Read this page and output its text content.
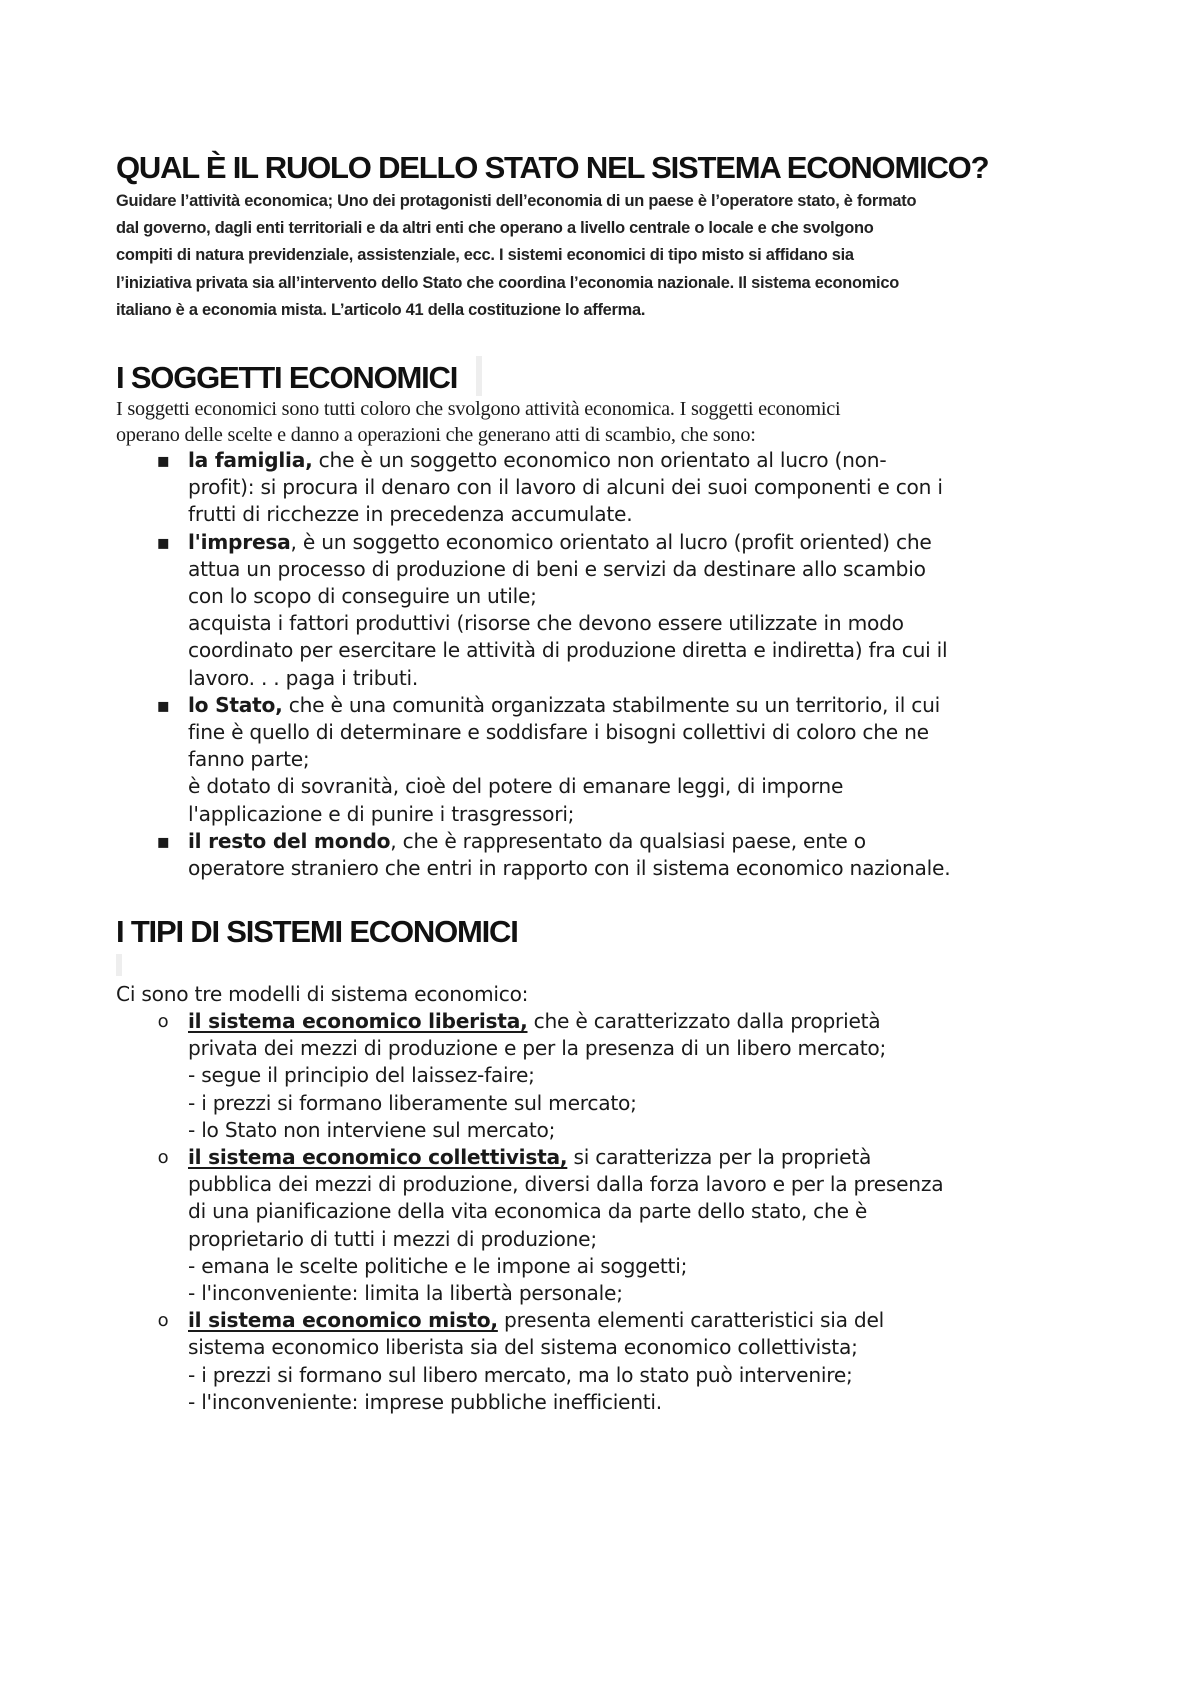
QUAL È IL RUOLO DELLO STATO NEL SISTEMA ECONOMICO?
Guidare l’attività economica; Uno dei protagonisti dell’economia di un paese è l’operatore stato, è formato
dal governo, dagli enti territoriali e da altri enti che operano a livello centrale o locale e che svolgono
compiti di natura previdenziale, assistenziale, ecc. I sistemi economici di tipo misto si affidano sia
l’iniziativa privata sia all’intervento dello Stato che coordina l’economia nazionale. Il sistema economico
italiano è a economia mista. L’articolo 41 della costituzione lo afferma.
I SOGGETTI ECONOMICI
I soggetti economici sono tutti coloro che svolgono attività economica. I soggetti economici
operano delle scelte e danno a operazioni che generano atti di scambio, che sono:
▪
la famiglia, che è un soggetto economico non orientato al lucro (non-
profit): si procura il denaro con il lavoro di alcuni dei suoi componenti e con i
frutti di ricchezze in precedenza accumulate.
▪
l'impresa, è un soggetto economico orientato al lucro (profit oriented) che
attua un processo di produzione di beni e servizi da destinare allo scambio
con lo scopo di conseguire un utile;
acquista i fattori produttivi (risorse che devono essere utilizzate in modo
coordinato per esercitare le attività di produzione diretta e indiretta) fra cui il
lavoro. . . paga i tributi.
▪
lo Stato, che è una comunità organizzata stabilmente su un territorio, il cui
fine è quello di determinare e soddisfare i bisogni collettivi di coloro che ne
fanno parte;
è dotato di sovranità, cioè del potere di emanare leggi, di imporne
l'applicazione e di punire i trasgressori;
▪
il resto del mondo, che è rappresentato da qualsiasi paese, ente o
operatore straniero che entri in rapporto con il sistema economico nazionale.
I TIPI DI SISTEMI ECONOMICI

Ci sono tre modelli di sistema economico:

o il sistema economico liberista, che è caratterizzato dalla proprietà
privata dei mezzi di produzione e per la presenza di un libero mercato;
- segue il principio del laissez-faire;
- i prezzi si formano liberamente sul mercato;
- lo Stato non interviene sul mercato;
o il sistema economico collettivista, si caratterizza per la proprietà
pubblica dei mezzi di produzione, diversi dalla forza lavoro e per la presenza
di una pianificazione della vita economica da parte dello stato, che è
proprietario di tutti i mezzi di produzione;
- emana le scelte politiche e le impone ai soggetti;
- l'inconveniente: limita la libertà personale;
o il sistema economico misto, presenta elementi caratteristici sia del
sistema economico liberista sia del sistema economico collettivista;
- i prezzi si formano sul libero mercato, ma lo stato può intervenire;
- l'inconveniente: imprese pubbliche inefficienti.
